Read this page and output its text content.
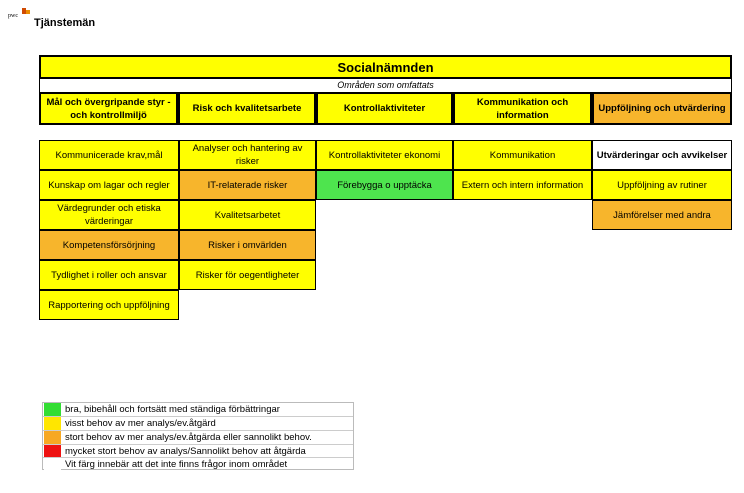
pwc
Tjänstemän
Socialnämnden
Områden som omfattats
Mål och övergripande styr - och kontrollmiljö
Risk och kvalitetsarbete	Kontrollaktiviteter
Kommunikation och information
Uppföljning och utvärdering
Kommunicerade krav,mål
Kunskap om lagar och regler
Värdegrunder och etiska värderingar
Kompetensförsörjning
Tydlighet i roller och ansvar
Rapportering och uppföljning
Analyser och hantering av risker
IT-relaterade risker
Kvalitetsarbetet
Risker i omvärlden
Risker för oegentligheter
Kontrollaktiviteter ekonomi
Förebygga o upptäcka
Kommunikation
Extern och intern information
Utvärderingar och avvikelser
Uppföljning av rutiner
Jämförelser med andra
bra, bibehåll och fortsätt med ständiga förbättringar
visst behov av mer analys/ev.åtgärd
stort behov av mer analys/ev.åtgärda eller sannolikt behov.
mycket stort behov av analys/Sannolikt behov att åtgärda
Vit färg innebär att det inte finns frågor inom området
